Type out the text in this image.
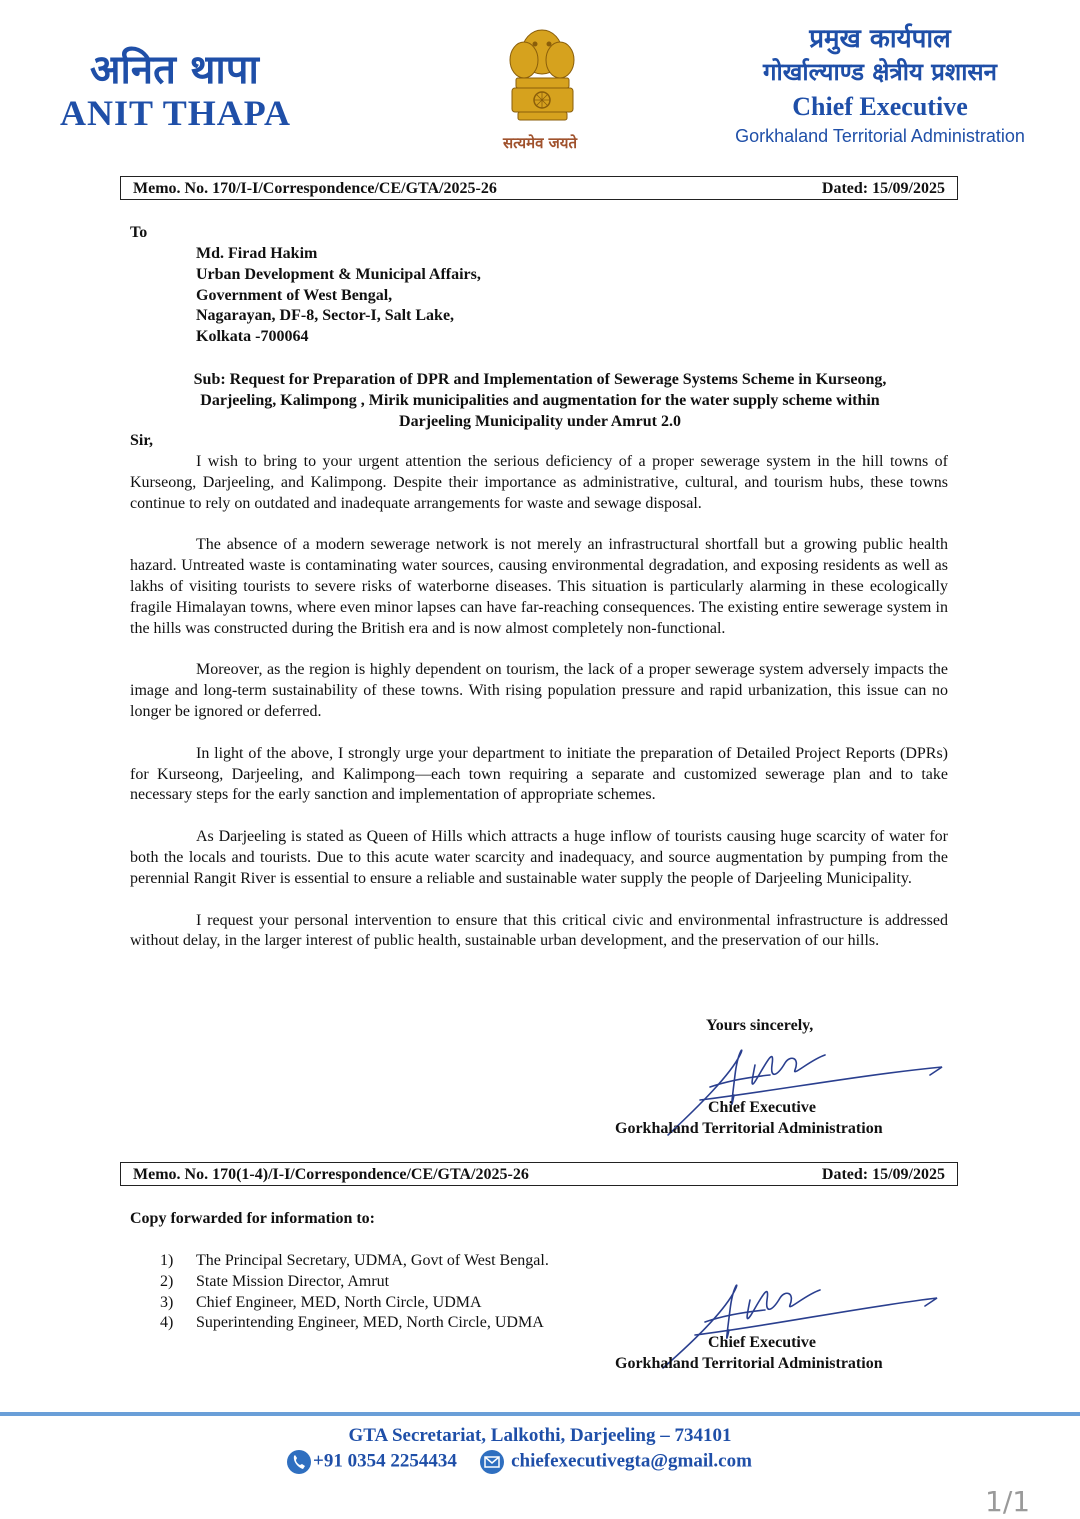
अनित थापा
ANIT THAPA
सत्यमेव जयते
प्रमुख कार्यपाल
गोर्खाल्याण्ड क्षेत्रीय प्रशासन
Chief Executive
Gorkhaland Territorial Administration
Memo. No. 170/I-I/Correspondence/CE/GTA/2025-26	Dated: 15/09/2025
To
Md. Firad Hakim
Urban Development & Municipal Affairs,
Government of West Bengal,
Nagarayan, DF-8, Sector-I, Salt Lake,
Kolkata -700064
Sub: Request for Preparation of DPR and Implementation of Sewerage Systems Scheme in Kurseong,
Darjeeling, Kalimpong , Mirik municipalities and augmentation for the water supply scheme within
Darjeeling Municipality under Amrut 2.0
Sir,

I wish to bring to your urgent attention the serious deficiency of a proper sewerage system in the hill towns of Kurseong, Darjeeling, and Kalimpong. Despite their importance as administrative, cultural, and tourism hubs, these towns continue to rely on outdated and inadequate arrangements for waste and sewage disposal.

The absence of a modern sewerage network is not merely an infrastructural shortfall but a growing public health hazard. Untreated waste is contaminating water sources, causing environmental degradation, and exposing residents as well as lakhs of visiting tourists to severe risks of waterborne diseases. This situation is particularly alarming in these ecologically fragile Himalayan towns, where even minor lapses can have far-reaching consequences. The existing entire sewerage system in the hills was constructed during the British era and is now almost completely non-functional.

Moreover, as the region is highly dependent on tourism, the lack of a proper sewerage system adversely impacts the image and long-term sustainability of these towns. With rising population pressure and rapid urbanization, this issue can no longer be ignored or deferred.

In light of the above, I strongly urge your department to initiate the preparation of Detailed Project Reports (DPRs) for Kurseong, Darjeeling, and Kalimpong—each town requiring a separate and customized sewerage plan and to take necessary steps for the early sanction and implementation of appropriate schemes.

As Darjeeling is stated as Queen of Hills which attracts a huge inflow of tourists causing huge scarcity of water for both the locals and tourists. Due to this acute water scarcity and inadequacy, and source augmentation by pumping from the perennial Rangit River is essential to ensure a reliable and sustainable water supply the people of Darjeeling Municipality.

I request your personal intervention to ensure that this critical civic and environmental infrastructure is addressed without delay, in the larger interest of public health, sustainable urban development, and the preservation of our hills.

Yours sincerely,
Chief Executive
Gorkhaland Territorial Administration
Memo. No. 170(1-4)/I-I/Correspondence/CE/GTA/2025-26	Dated: 15/09/2025
Copy forwarded for information to:
1) The Principal Secretary, UDMA, Govt of West Bengal.
2) State Mission Director, Amrut
3) Chief Engineer, MED, North Circle, UDMA
4) Superintending Engineer, MED, North Circle, UDMA
Chief Executive
Gorkhaland Territorial Administration
GTA Secretariat, Lalkothi, Darjeeling – 734101
+91 0354 2254434	chiefexecutivegta@gmail.com
1/1
